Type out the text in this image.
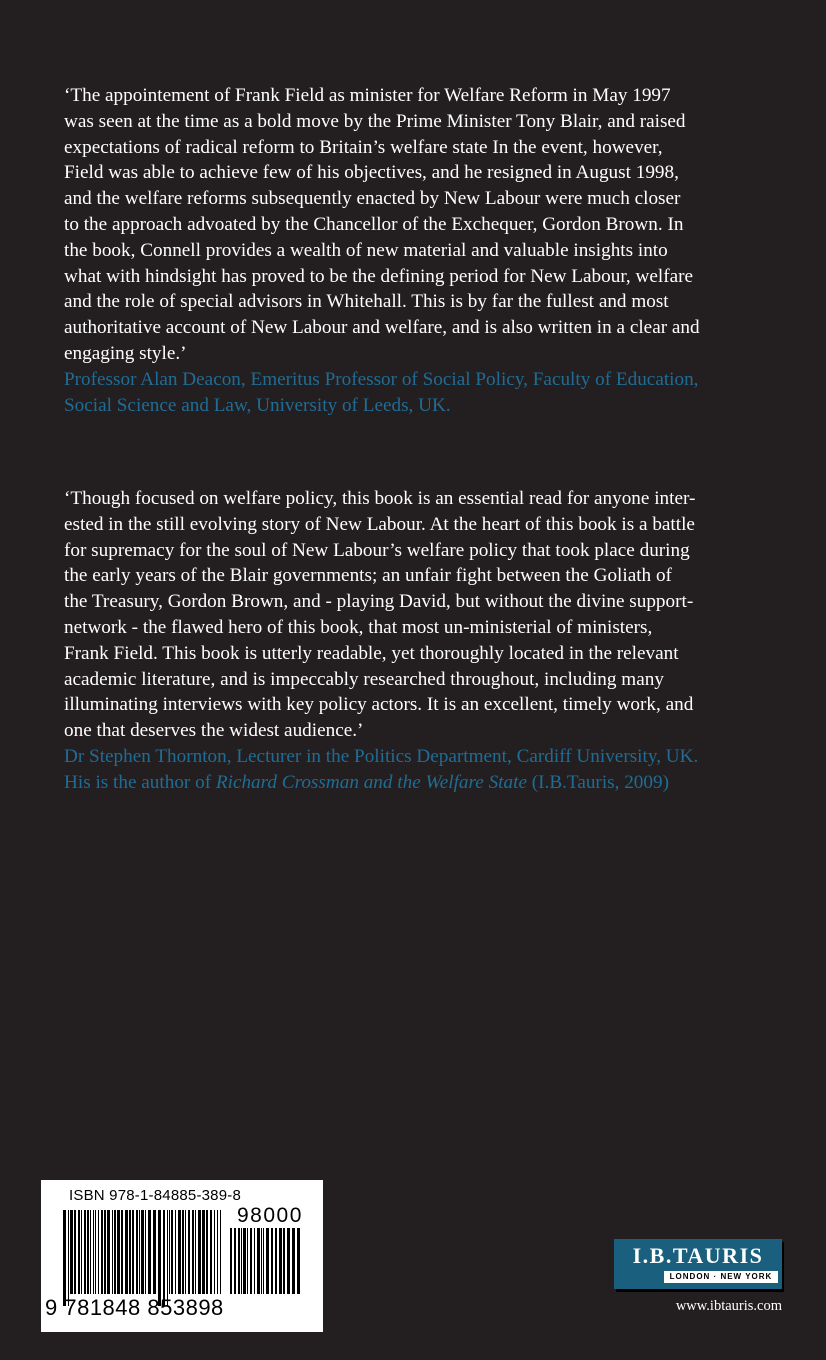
‘The appointement of Frank Field as minister for Welfare Reform in May 1997
was seen at the time as a bold move by the Prime Minister Tony Blair, and raised
expectations of radical reform to Britain’s welfare state In the event, however,
Field was able to achieve few of his objectives, and he resigned in August 1998,
and the welfare reforms subsequently enacted by New Labour were much closer
to the approach advoated by the Chancellor of the Exchequer, Gordon Brown. In
the book, Connell provides a wealth of new material and valuable insights into
what with hindsight has proved to be the defining period for New Labour, welfare
and the role of special advisors in Whitehall. This is by far the fullest and most
authoritative account of New Labour and welfare, and is also written in a clear and
engaging style.’
Professor Alan Deacon, Emeritus Professor of Social Policy, Faculty of Education,
Social Science and Law, University of Leeds, UK.
‘Though focused on welfare policy, this book is an essential read for anyone inter-
ested in the still evolving story of New Labour. At the heart of this book is a battle
for supremacy for the soul of New Labour’s welfare policy that took place during
the early years of the Blair governments; an unfair fight between the Goliath of
the Treasury, Gordon Brown, and - playing David, but without the divine support-
network - the flawed hero of this book, that most un-ministerial of ministers,
Frank Field. This book is utterly readable, yet thoroughly located in the relevant
academic literature, and is impeccably researched throughout, including many
illuminating interviews with key policy actors. It is an excellent, timely work, and
one that deserves the widest audience.’
Dr Stephen Thornton, Lecturer in the Politics Department, Cardiff University, UK.
His is the author of Richard Crossman and the Welfare State (I.B.Tauris, 2009)
ISBN 978-1-84885-389-8
98000
9 781848 853898
I.B.TAURIS
LONDON · NEW YORK
www.ibtauris.com
